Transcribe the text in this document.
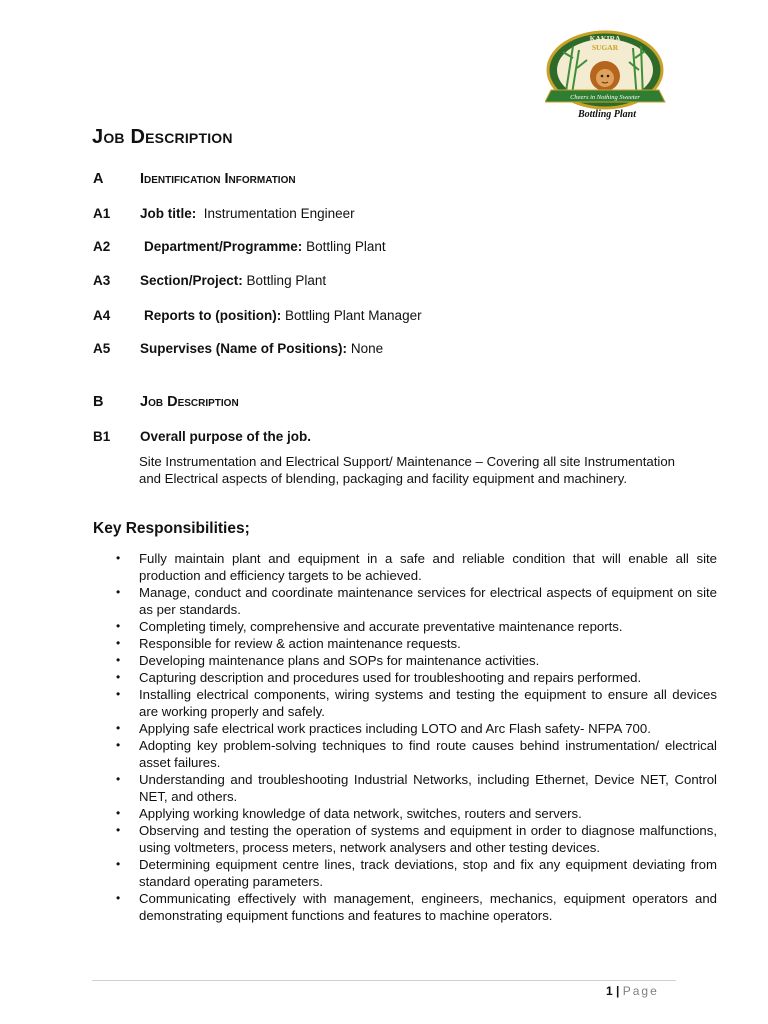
KAKIRA
SUGAR
Cheers in Nothing Sweeter
Bottling Plant
Job Description
A	Identification Information
A1 Job title: Instrumentation Engineer
A2 Department/Programme: Bottling Plant
A3 Section/Project: Bottling Plant
A4 Reports to (position): Bottling Plant Manager
A5 Supervises (Name of Positions): None
B	Job Description
B1 Overall purpose of the job.
Site Instrumentation and Electrical Support/ Maintenance – Covering all site Instrumentation and Electrical aspects of blending, packaging and facility equipment and machinery.
Key Responsibilities;
• Fully maintain plant and equipment in a safe and reliable condition that will enable all site production and efficiency targets to be achieved.
• Manage, conduct and coordinate maintenance services for electrical aspects of equipment on site as per standards.
• Completing timely, comprehensive and accurate preventative maintenance reports.
• Responsible for review & action maintenance requests.
• Developing maintenance plans and SOPs for maintenance activities.
• Capturing description and procedures used for troubleshooting and repairs performed.
• Installing electrical components, wiring systems and testing the equipment to ensure all devices are working properly and safely.
• Applying safe electrical work practices including LOTO and Arc Flash safety- NFPA 700.
• Adopting key problem-solving techniques to find route causes behind instrumentation/ electrical asset failures.
• Understanding and troubleshooting Industrial Networks, including Ethernet, Device NET, Control NET, and others.
• Applying working knowledge of data network, switches, routers and servers.
• Observing and testing the operation of systems and equipment in order to diagnose malfunctions, using voltmeters, process meters, network analysers and other testing devices.
• Determining equipment centre lines, track deviations, stop and fix any equipment deviating from standard operating parameters.
• Communicating effectively with management, engineers, mechanics, equipment operators and demonstrating equipment functions and features to machine operators.
1 | Page
